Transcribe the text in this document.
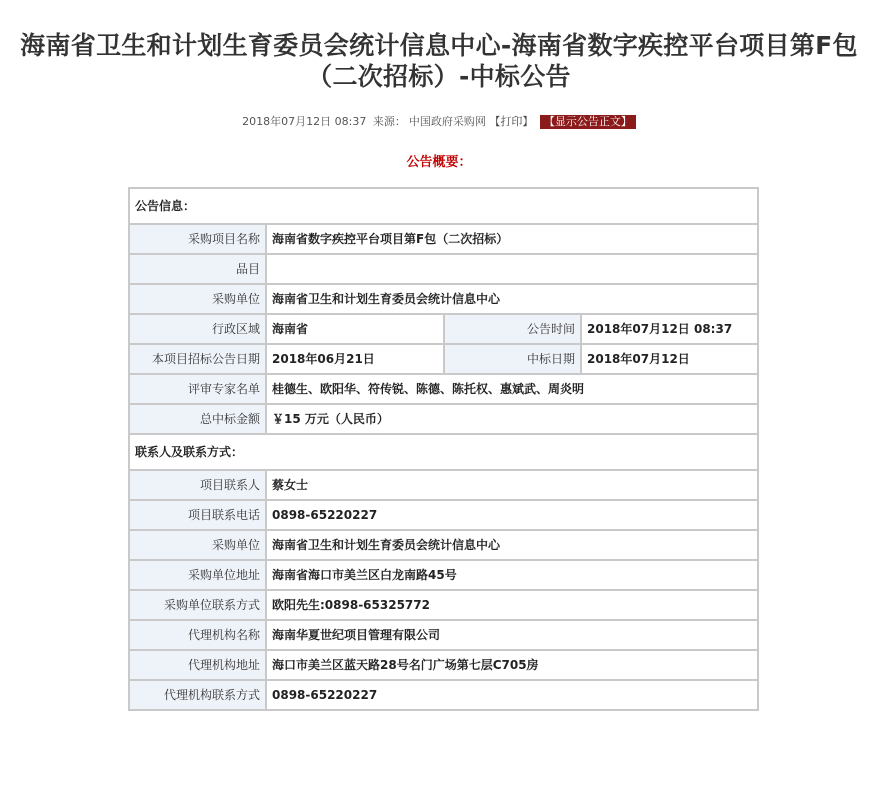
海南省卫生和计划生育委员会统计信息中心-海南省数字疾控平台项目第F包（二次招标）-中标公告
2018年07月12日 08:37 来源： 中国政府采购网 【打印】 【显示公告正文】
公告概要：
公告信息：			
采购项目名称	海南省数字疾控平台项目第F包（二次招标）		
品目			
采购单位	海南省卫生和计划生育委员会统计信息中心		
行政区域	海南省	公告时间	2018年07月12日 08:37
本项目招标公告日期	2018年06月21日	中标日期	2018年07月12日
评审专家名单	桂德生、欧阳华、符传锐、陈德、陈托权、惠斌武、周炎明		
总中标金额	￥15 万元（人民币）		
联系人及联系方式：			
项目联系人	蔡女士		
项目联系电话	0898-65220227		
采购单位	海南省卫生和计划生育委员会统计信息中心		
采购单位地址	海南省海口市美兰区白龙南路45号		
采购单位联系方式	欧阳先生:0898-65325772		
代理机构名称	海南华夏世纪项目管理有限公司		
代理机构地址	海口市美兰区蓝天路28号名门广场第七层C705房		
代理机构联系方式	0898-65220227		
